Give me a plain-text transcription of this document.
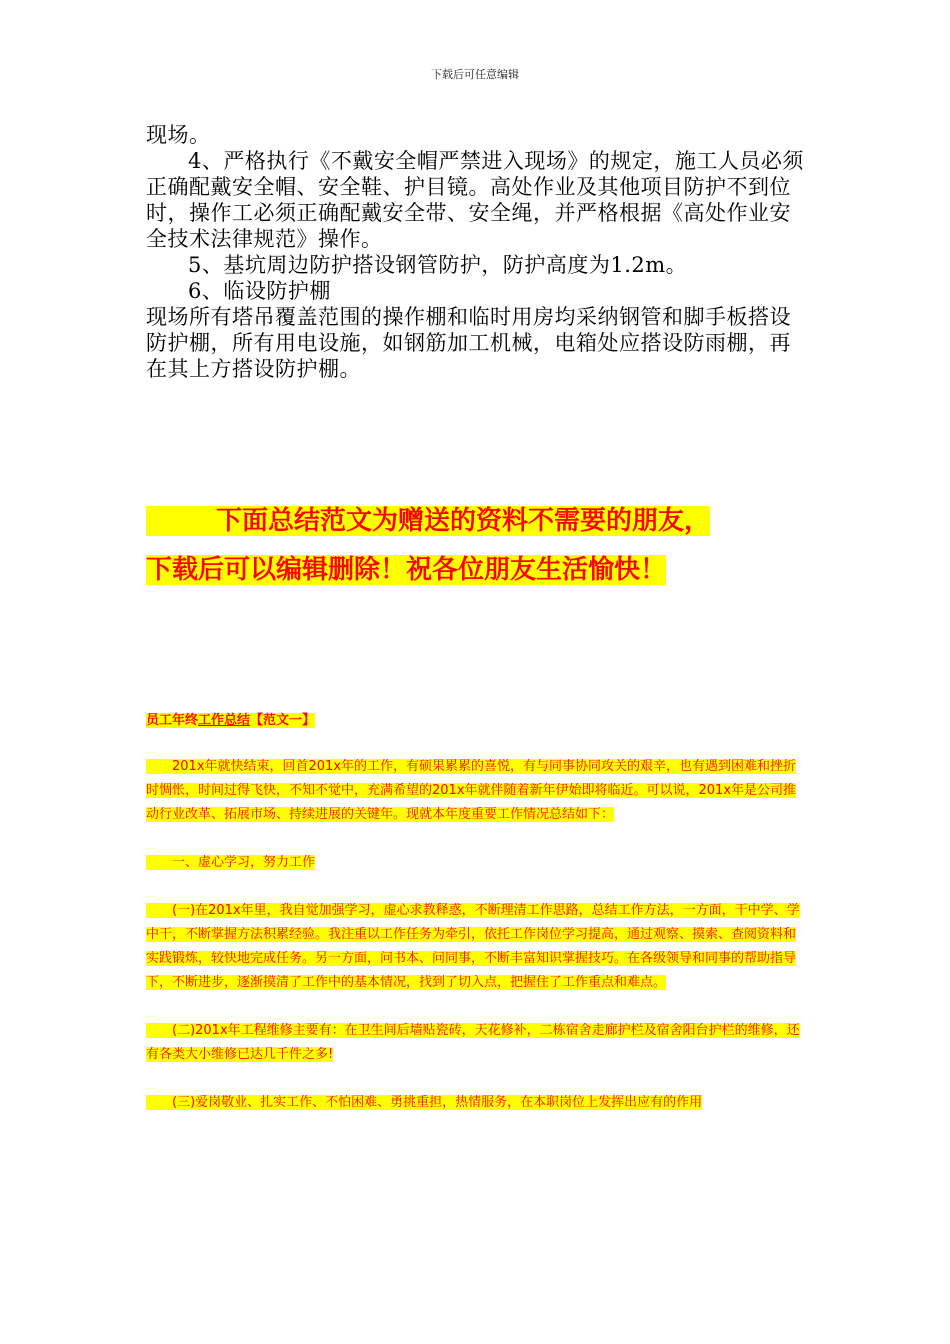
下载后可任意编辑

现场。

4、严格执行《不戴安全帽严禁进入现场》的规定，施工人员必须正确配戴安全帽、安全鞋、护目镜。高处作业及其他项目防护不到位时，操作工必须正确配戴安全带、安全绳，并严格根据《高处作业安全技术法律规范》操作。

5、基坑周边防护搭设钢管防护，防护高度为1.2m。

6、临设防护棚

现场所有塔吊覆盖范围的操作棚和临时用房均采纳钢管和脚手板搭设防护棚，所有用电设施，如钢筋加工机械，电箱处应搭设防雨棚，再在其上方搭设防护棚。

下面总结范文为赠送的资料不需要的朋友，
下载后可以编辑删除！祝各位朋友生活愉快！
员工年终工作总结【范文一】

201x年就快结束，回首201x年的工作，有硕果累累的喜悦，有与同事协同攻关的艰辛，也有遇到困难和挫折时惆怅，时间过得飞快，不知不觉中，充满希望的201x年就伴随着新年伊始即将临近。可以说，201x年是公司推动行业改革、拓展市场、持续进展的关键年。现就本年度重要工作情况总结如下：

一、虚心学习，努力工作

(一)在201x年里，我自觉加强学习，虚心求教释惑，不断理清工作思路，总结工作方法，一方面，干中学、学中干，不断掌握方法积累经验。我注重以工作任务为牵引，依托工作岗位学习提高，通过观察、摸索、查阅资料和实践锻炼，较快地完成任务。另一方面，问书本、问同事，不断丰富知识掌握技巧。在各级领导和同事的帮助指导下，不断进步，逐渐摸清了工作中的基本情况，找到了切入点，把握住了工作重点和难点。

(二)201x年工程维修主要有：在卫生间后墙贴瓷砖，天花修补，二栋宿舍走廊护栏及宿舍阳台护栏的维修，还有各类大小维修已达几千件之多!

(三)爱岗敬业、扎实工作、不怕困难、勇挑重担，热情服务，在本职岗位上发挥出应有的作用
